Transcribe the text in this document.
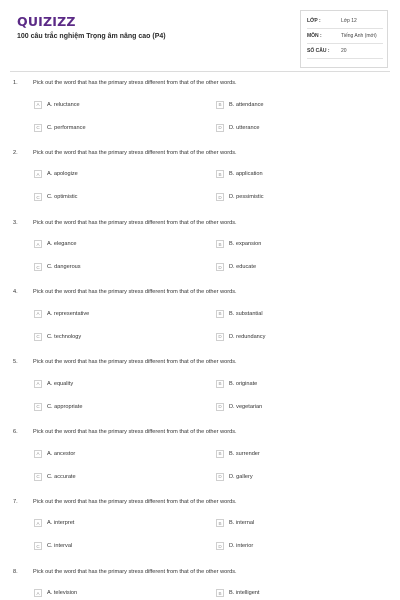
QUIZIZZ
100 câu trắc nghiệm Trọng âm nâng cao (P4)
LỚP :	Lớp 12
MÔN :	Tiếng Anh (mới)
SỐ CÂU : 20
1.	Pick out the word that has the primary stress different from that of the other words.
A	A. reluctance	B	B. attendance
C	C. performance	D	D. utterance
2.	Pick out the word that has the primary stress different from that of the other words.
A	A. apologize	B	B. application
C	C. optimistic	D	D. pessimistic
3.	Pick out the word that has the primary stress different from that of the other words.
A	A. elegance	B	B. expansion
C	C. dangerous	D	D. educate
4.	Pick out the word that has the primary stress different from that of the other words.
A	A. representative	B	B. substantial
C	C. technology	D	D. redundancy
5.	Pick out the word that has the primary stress different from that of the other words.
A	A. equality	B	B. originate
C	C. appropriate	D	D. vegetarian
6.	Pick out the word that has the primary stress different from that of the other words.
A	A. ancestor	B	B. surrender
C	C. accurate	D	D. gallery
7.	Pick out the word that has the primary stress different from that of the other words.
A	A. interpret	B	B. internal
C	C. interval	D	D. interior
8.	Pick out the word that has the primary stress different from that of the other words.
A	A. television	B	B. intelligent
